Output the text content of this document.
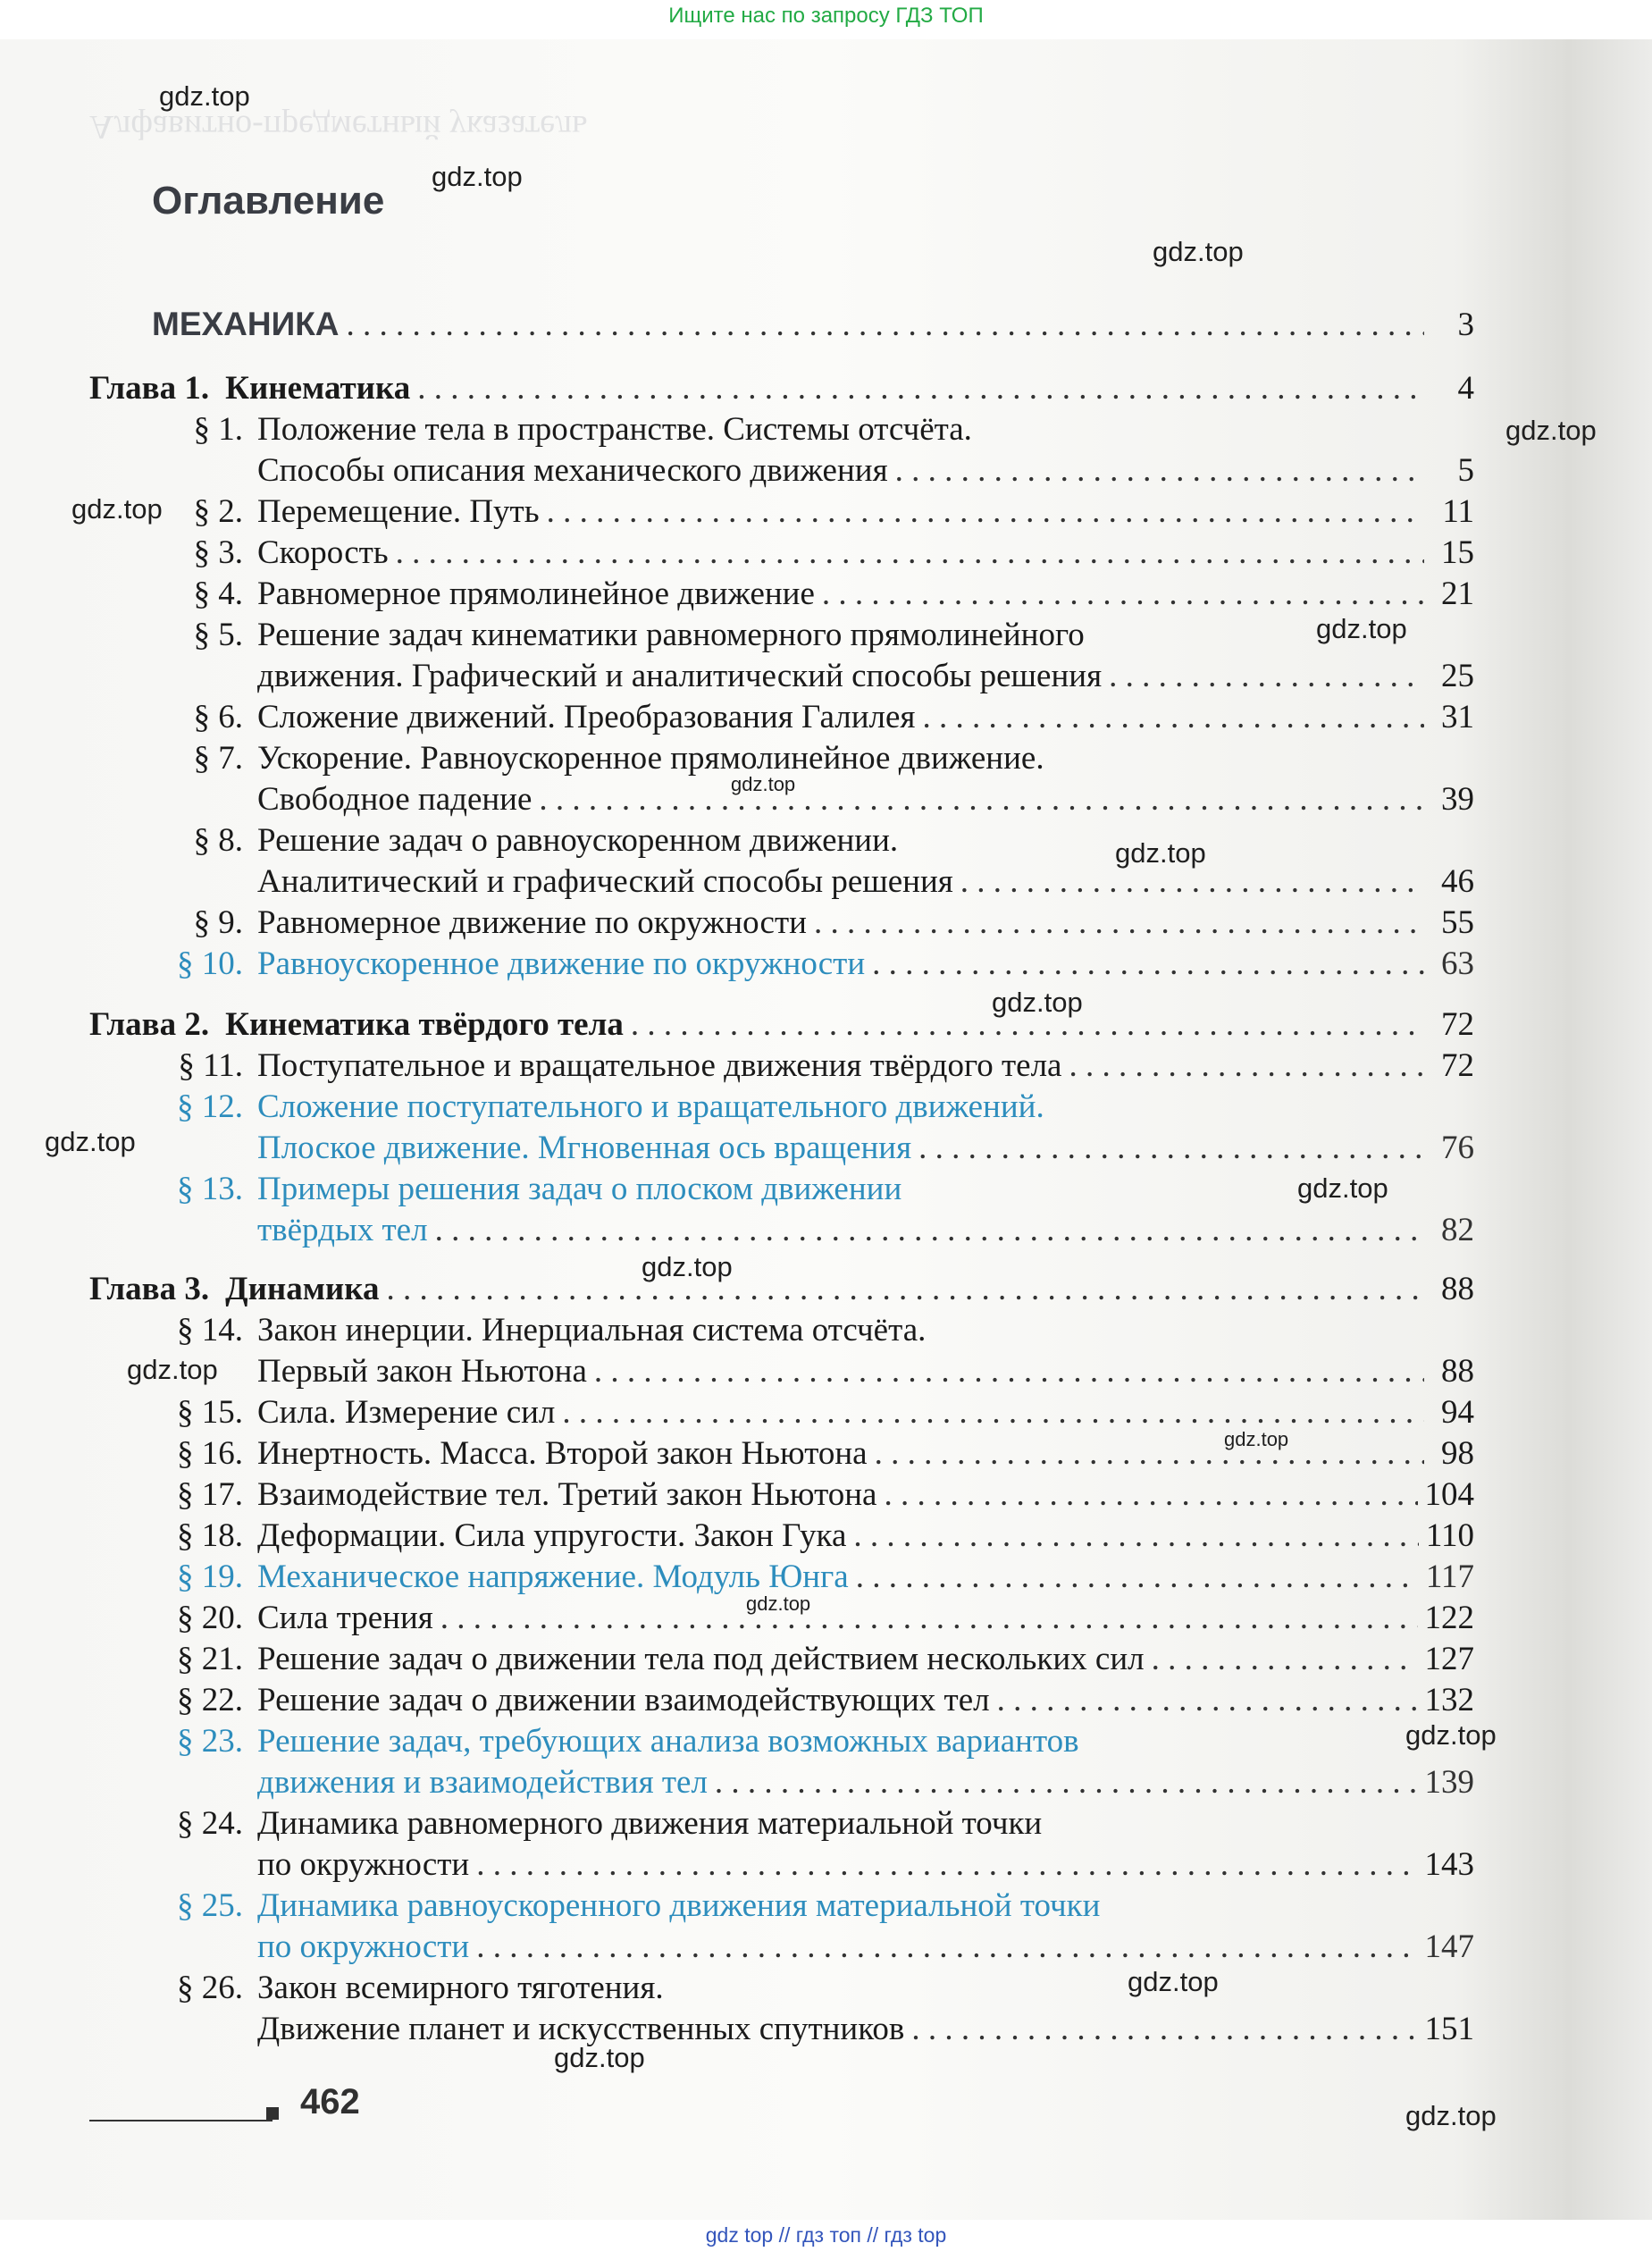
Ищите нас по запросу ГДЗ ТОП
Алфавитно-предметный указатель
Оглавление
МЕХАНИКА . . .	3
Глава 1. Кинематика . . .	4
§ 1. Положение тела в пространстве. Системы отсчёта.
Способы описания механического движения . . .	5
§ 2. Перемещение. Путь . . .	11
§ 3. Скорость . . .	15
§ 4. Равномерное прямолинейное движение . . .	21
§ 5. Решение задач кинематики равномерного прямолинейного
движения. Графический и аналитический способы решения . . .	25
§ 6. Сложение движений. Преобразования Галилея . . .	31
§ 7. Ускорение. Равноускоренное прямолинейное движение.
Свободное падение . . .	39
§ 8. Решение задач о равноускоренном движении.
Аналитический и графический способы решения . . .	46
§ 9. Равномерное движение по окружности . . .	55
§ 10. Равноускоренное движение по окружности . . .	63
Глава 2. Кинематика твёрдого тела . . .	72
§ 11. Поступательное и вращательное движения твёрдого тела . . .	72
§ 12. Сложение поступательного и вращательного движений.
Плоское движение. Мгновенная ось вращения . . .	76
§ 13. Примеры решения задач о плоском движении
твёрдых тел . . .	82
Глава 3. Динамика . . .	88
§ 14. Закон инерции. Инерциальная система отсчёта.
Первый закон Ньютона . . .	88
§ 15. Сила. Измерение сил . . .	94
§ 16. Инертность. Масса. Второй закон Ньютона . . .	98
§ 17. Взаимодействие тел. Третий закон Ньютона . . .	104
§ 18. Деформации. Сила упругости. Закон Гука . . .	110
§ 19. Механическое напряжение. Модуль Юнга . . .	117
§ 20. Сила трения . . .	122
§ 21. Решение задач о движении тела под действием нескольких сил . . .	127
§ 22. Решение задач о движении взаимодействующих тел . . .	132
§ 23. Решение задач, требующих анализа возможных вариантов
движения и взаимодействия тел . . .	139
§ 24. Динамика равномерного движения материальной точки
по окружности . . .	143
§ 25. Динамика равноускоренного движения материальной точки
по окружности . . .	147
§ 26. Закон всемирного тяготения.
Движение планет и искусственных спутников . . .	151
462
gdz.top
gdz.top
gdz.top
gdz.top
gdz.top
gdz.top
gdz.top
gdz.top
gdz.top
gdz.top
gdz.top
gdz.top
gdz.top
gdz.top
gdz.top
gdz.top
gdz.top
gdz.top
gdz.top
gdz top // гдз топ // гдз top
